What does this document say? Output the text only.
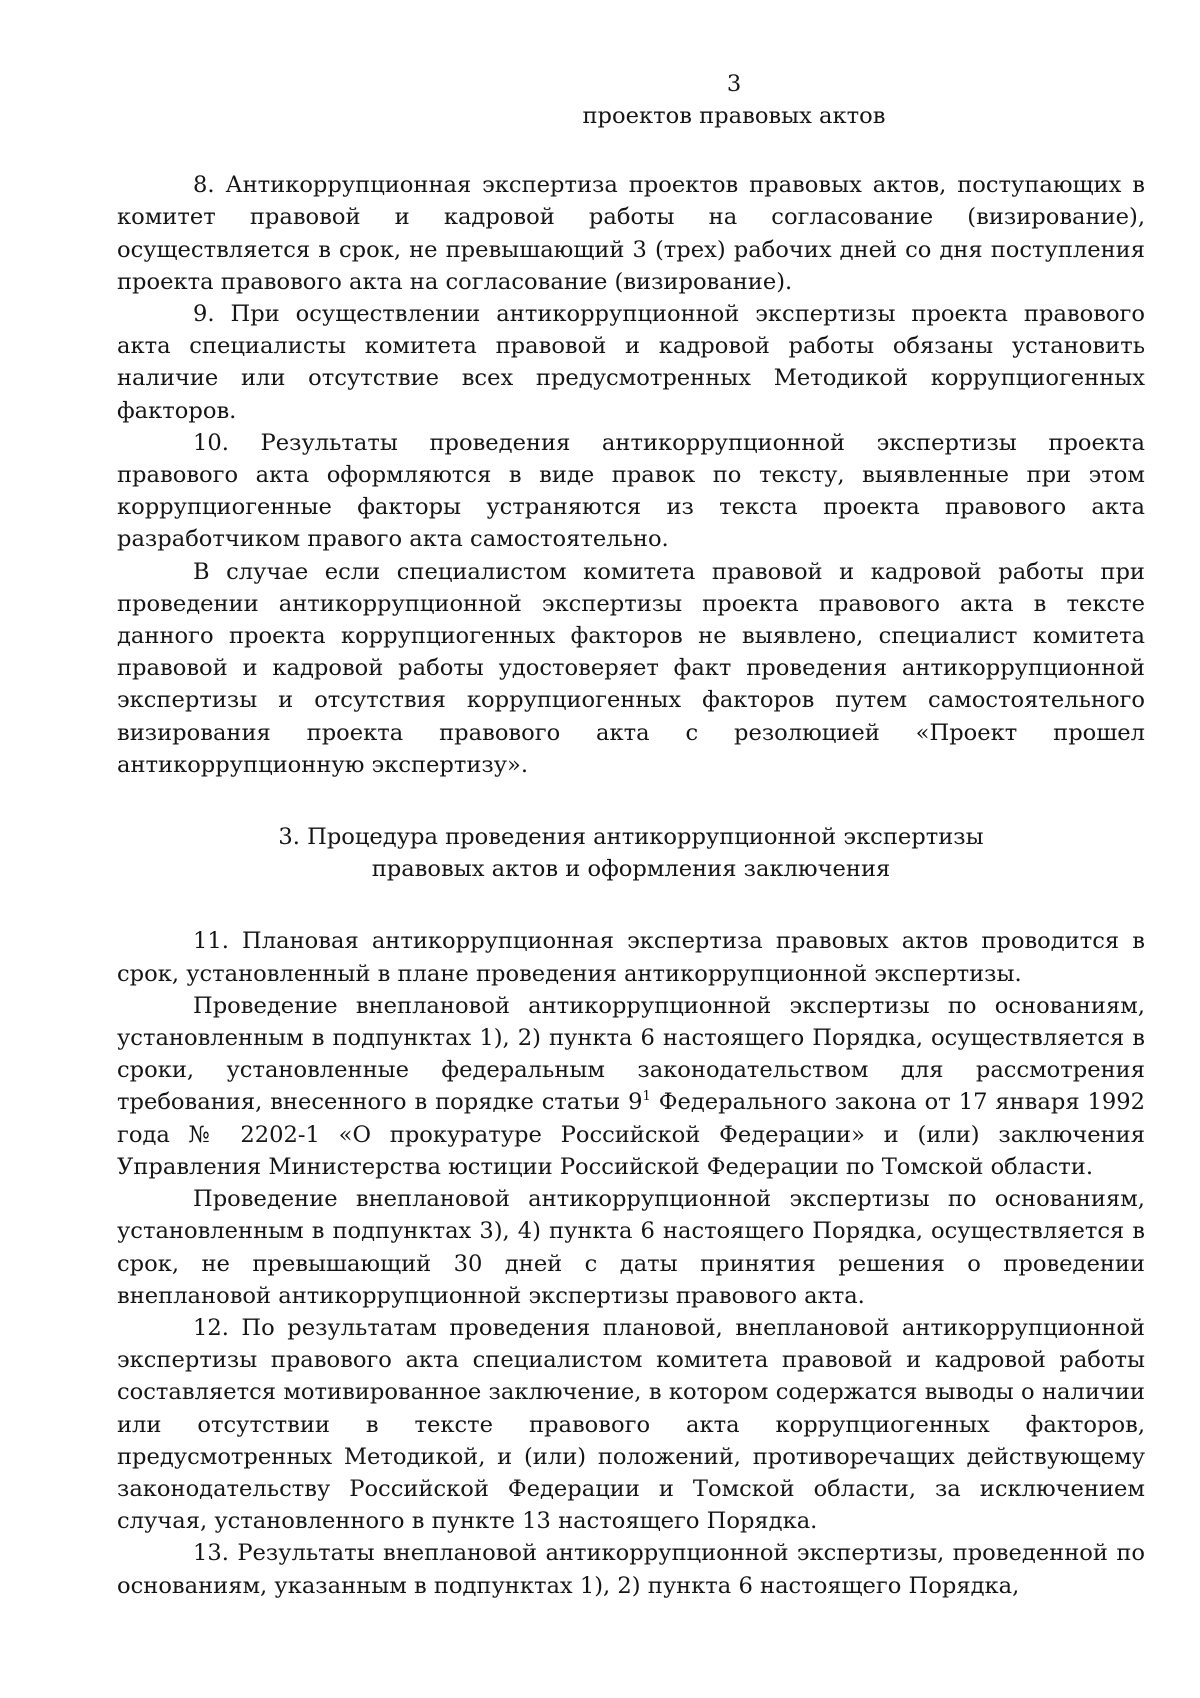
3
проектов правовых актов

8. Антикоррупционная экспертиза проектов правовых актов, поступающих в комитет правовой и кадровой работы на согласование (визирование), осуществляется в срок, не превышающий 3 (трех) рабочих дней со дня поступления проекта правового акта на согласование (визирование).

9. При осуществлении антикоррупционной экспертизы проекта правового акта специалисты комитета правовой и кадровой работы обязаны установить наличие или отсутствие всех предусмотренных Методикой коррупциогенных факторов.

10. Результаты проведения антикоррупционной экспертизы проекта правового акта оформляются в виде правок по тексту, выявленные при этом коррупциогенные факторы устраняются из текста проекта правового акта разработчиком правого акта самостоятельно.

В случае если специалистом комитета правовой и кадровой работы при проведении антикоррупционной экспертизы проекта правового акта в тексте данного проекта коррупциогенных факторов не выявлено, специалист комитета правовой и кадровой работы удостоверяет факт проведения антикоррупционной экспертизы и отсутствия коррупциогенных факторов путем самостоятельного визирования проекта правового акта с резолюцией «Проект прошел антикоррупционную экспертизу».

3. Процедура проведения антикоррупционной экспертизы
правовых актов и оформления заключения

11. Плановая антикоррупционная экспертиза правовых актов проводится в срок, установленный в плане проведения антикоррупционной экспертизы.

Проведение внеплановой антикоррупционной экспертизы по основаниям, установленным в подпунктах 1), 2) пункта 6 настоящего Порядка, осуществляется в сроки, установленные федеральным законодательством для рассмотрения требования, внесенного в порядке статьи $9^1$ Федерального закона от 17 января 1992 года № 2202-1 «О прокуратуре Российской Федерации» и (или) заключения Управления Министерства юстиции Российской Федерации по Томской области.

Проведение внеплановой антикоррупционной экспертизы по основаниям, установленным в подпунктах 3), 4) пункта 6 настоящего Порядка, осуществляется в срок, не превышающий 30 дней с даты принятия решения о проведении внеплановой антикоррупционной экспертизы правового акта.

12. По результатам проведения плановой, внеплановой антикоррупционной экспертизы правового акта специалистом комитета правовой и кадровой работы составляется мотивированное заключение, в котором содержатся выводы о наличии или отсутствии в тексте правового акта коррупциогенных факторов, предусмотренных Методикой, и (или) положений, противоречащих действующему законодательству Российской Федерации и Томской области, за исключением случая, установленного в пункте 13 настоящего Порядка.

13. Результаты внеплановой антикоррупционной экспертизы, проведенной по основаниям, указанным в подпунктах 1), 2) пункта 6 настоящего Порядка,
